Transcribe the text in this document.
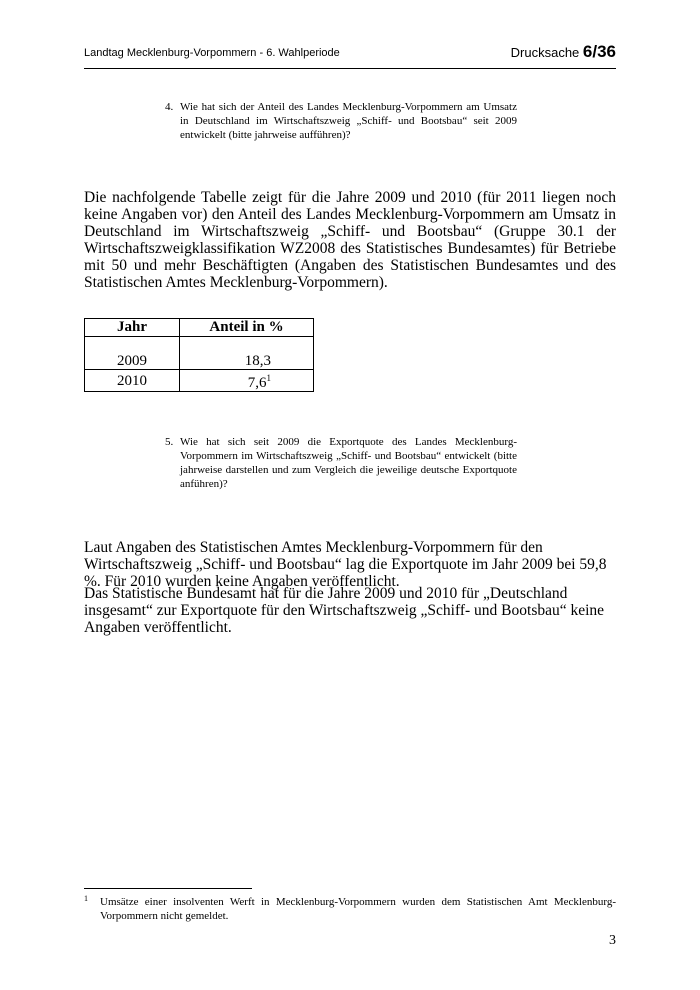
Landtag Mecklenburg-Vorpommern - 6. Wahlperiode	Drucksache 6/36
4. Wie hat sich der Anteil des Landes Mecklenburg-Vorpommern am Umsatz in Deutschland im Wirtschaftszweig „Schiff- und Bootsbau“ seit 2009 entwickelt (bitte jahrweise aufführen)?

Die nachfolgende Tabelle zeigt für die Jahre 2009 und 2010 (für 2011 liegen noch keine Angaben vor) den Anteil des Landes Mecklenburg-Vorpommern am Umsatz in Deutschland im Wirtschaftszweig „Schiff- und Bootsbau“ (Gruppe 30.1 der Wirtschaftszweigklassifikation WZ2008 des Statistisches Bundesamtes) für Betriebe mit 50 und mehr Beschäftigten (Angaben des Statistischen Bundesamtes und des Statistischen Amtes Mecklenburg-Vorpommern).

Jahr	Anteil in %

2009	18,3
2010	$7,6^1$
5. Wie hat sich seit 2009 die Exportquote des Landes Mecklenburg-Vorpommern im Wirtschaftszweig „Schiff- und Bootsbau“ entwickelt (bitte jahrweise darstellen und zum Vergleich die jeweilige deutsche Exportquote anführen)?

Laut Angaben des Statistischen Amtes Mecklenburg-Vorpommern für den Wirtschaftszweig „Schiff- und Bootsbau“ lag die Exportquote im Jahr 2009 bei 59,8 %. Für 2010 wurden keine Angaben veröffentlicht.

Das Statistische Bundesamt hat für die Jahre 2009 und 2010 für „Deutschland insgesamt“ zur Exportquote für den Wirtschaftszweig „Schiff- und Bootsbau“ keine Angaben veröffentlicht.

1	Umsätze einer insolventen Werft in Mecklenburg-Vorpommern wurden dem Statistischen Amt Mecklenburg-Vorpommern nicht gemeldet.
3
